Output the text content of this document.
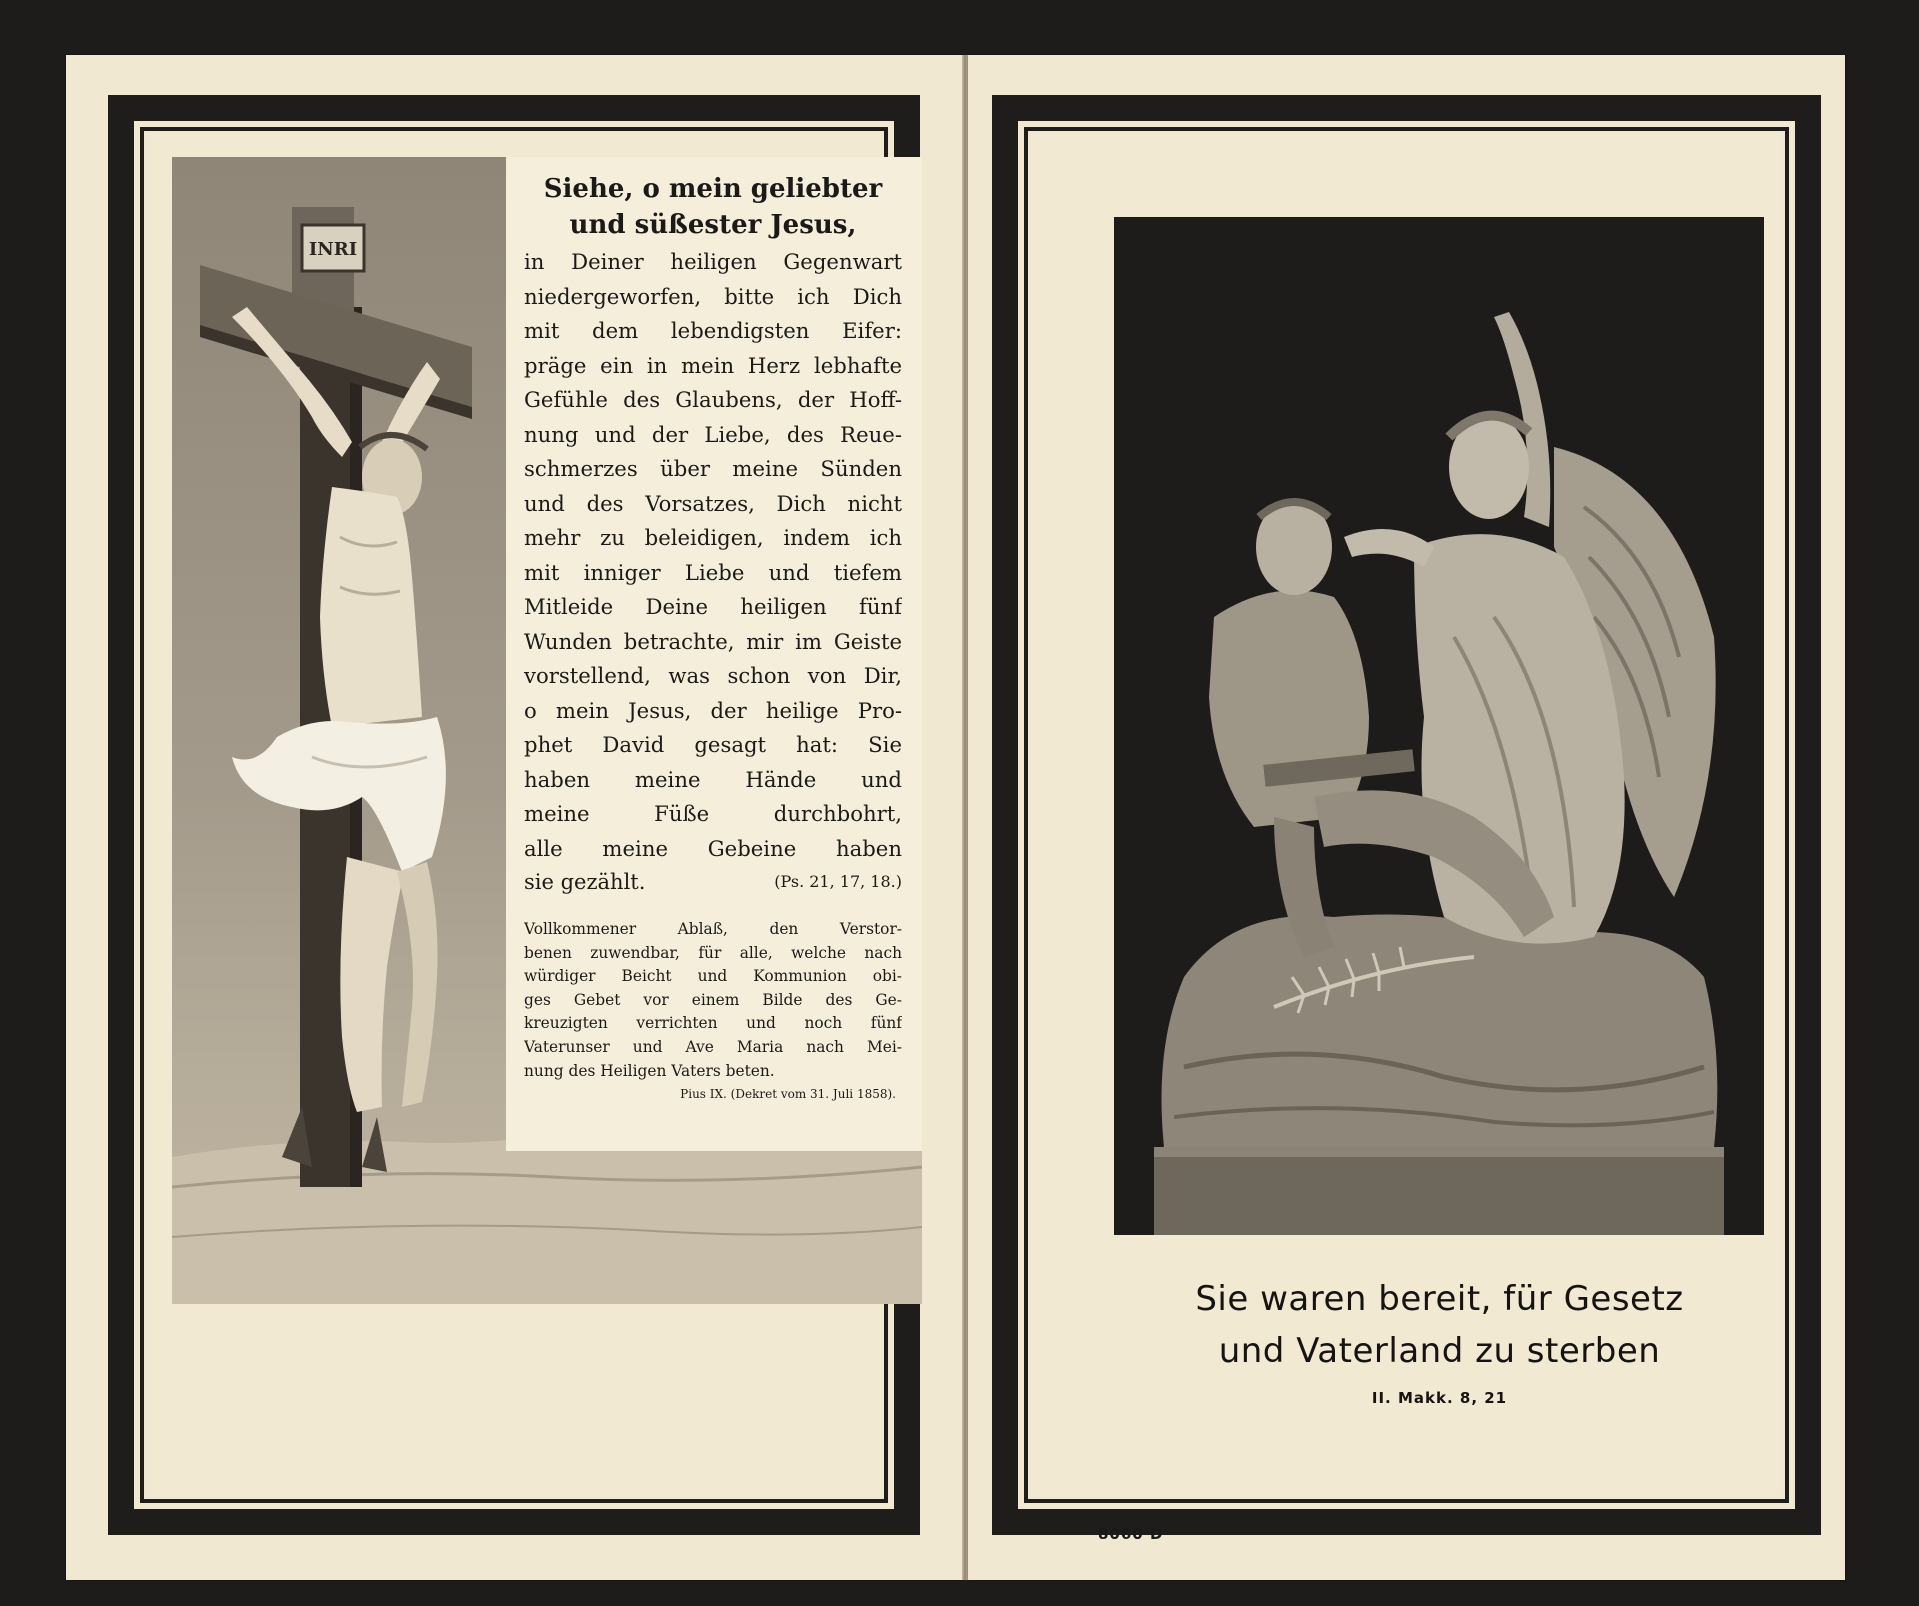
INRI
Siehe, o mein geliebter
und süßester Jesus,
in Deiner heiligen Gegenwart
niedergeworfen, bitte ich Dich
mit dem lebendigsten Eifer:
präge ein in mein Herz lebhafte
Gefühle des Glaubens, der Hoff-
nung und der Liebe, des Reue-
schmerzes über meine Sünden
und des Vorsatzes, Dich nicht
mehr zu beleidigen, indem ich
mit inniger Liebe und tiefem
Mitleide Deine heiligen fünf
Wunden betrachte, mir im Geiste
vorstellend, was schon von Dir,
o mein Jesus, der heilige Pro-
phet David gesagt hat: Sie
haben meine Hände und
meine Füße durchbohrt,
alle meine Gebeine haben
sie gezählt.	(Ps. 21, 17, 18.)
Vollkommener Ablaß, den Verstor-
benen zuwendbar, für alle, welche nach
würdiger Beicht und Kommunion obi-
ges Gebet vor einem Bilde des Ge-
kreuzigten verrichten und noch fünf
Vaterunser und Ave Maria nach Mei-
nung des Heiligen Vaters beten.
Pius IX. (Dekret vom 31. Juli 1858).
Sie waren bereit, für Gesetz
und Vaterland zu sterben
II. Makk. 8, 21
8060 D
